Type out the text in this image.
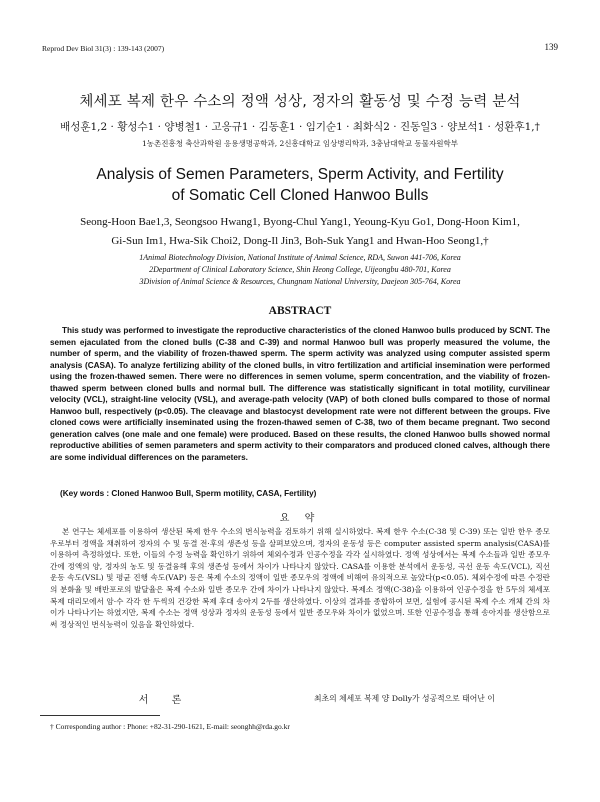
Reprod Dev Biol 31(3) : 139-143 (2007)	139
체세포 복제 한우 수소의 정액 성상, 정자의 활동성 및 수정 능력 분석
배성훈1,2 · 황성수1 · 양병철1 · 고응규1 · 김동훈1 · 임기순1 · 최화식2 · 진동일3 · 양보석1 · 성환후1,†
1농촌진흥청 축산과학원 응용생명공학과, 2신흥대학교 임상병리학과, 3충남대학교 동물자원학부
Analysis of Semen Parameters, Sperm Activity, and Fertility
of Somatic Cell Cloned Hanwoo Bulls
Seong-Hoon Bae1,3, Seongsoo Hwang1, Byong-Chul Yang1, Yeoung-Kyu Go1, Dong-Hoon Kim1,
Gi-Sun Im1, Hwa-Sik Choi2, Dong-Il Jin3, Boh-Suk Yang1 and Hwan-Hoo Seong1,†
1Animal Biotechnology Division, National Institute of Animal Science, RDA, Suwon 441-706, Korea
2Department of Clinical Laboratory Science, Shin Heong College, Uijeongbu 480-701, Korea
3Division of Animal Science & Resources, Chungnam National University, Daejeon 305-764, Korea
ABSTRACT
This study was performed to investigate the reproductive characteristics of the cloned Hanwoo bulls produced by SCNT. The semen ejaculated from the cloned bulls (C-38 and C-39) and normal Hanwoo bull was properly measured the volume, the number of sperm, and the viability of frozen-thawed sperm. The sperm activity was analyzed using computer assisted sperm analysis (CASA). To analyze fertilizing ability of the cloned bulls, in vitro fertilization and artificial insemination were performed using the frozen-thawed semen. There were no differences in semen volume, sperm concentration, and the viability of frozen-thawed sperm between cloned bulls and normal bull. The difference was statistically significant in total motility, curvilinear velocity (VCL), straight-line velocity (VSL), and average-path velocity (VAP) of both cloned bulls compared to those of normal Hanwoo bull, respectively (p<0.05). The cleavage and blastocyst development rate were not different between the groups. Five cloned cows were artificially inseminated using the frozen-thawed semen of C-38, two of them became pregnant. Two second generation calves (one male and one female) were produced. Based on these results, the cloned Hanwoo bulls showed normal reproductive abilities of semen parameters and sperm activity to their comparators and produced cloned calves, although there are some individual differences on the parameters.
(Key words : Cloned Hanwoo Bull, Sperm motility, CASA, Fertility)
요 약
본 연구는 체세포를 이용하여 생산된 복제 한우 수소의 번식능력을 검토하기 위해 실시하였다. 복제 한우 수소(C-38 및 C-39) 또는 일반 한우 종모우로부터 정액을 채취하여 정자의 수 및 동결 전·후의 생존성 등을 살펴보았으며, 정자의 운동성 등은 computer assisted sperm analysis(CASA)를 이용하여 측정하였다. 또한, 이들의 수정 능력을 확인하기 위하여 체외수정과 인공수정을 각각 실시하였다. 정액 성상에서는 복제 수소들과 일반 종모우 간에 정액의 양, 정자의 농도 및 동결융해 후의 생존성 등에서 차이가 나타나지 않았다. CASA를 이용한 분석에서 운동성, 곡선 운동 속도(VCL), 직선 운동 속도(VSL) 및 평균 진행 속도(VAP) 등은 복제 수소의 정액이 일반 종모우의 정액에 비해여 유의적으로 높았다(p<0.05). 체외수정에 따른 수정란의 분화율 및 배반포로의 발달율은 복제 수소와 일반 종모우 간에 차이가 나타나지 않았다. 복제소 정액(C-38)을 이용하여 인공수정을 한 5두의 체세포 복제 대리모에서 암·수 각각 한 두씩의 건강한 복제 후대 송아지 2두를 생산하였다. 이상의 결과를 종합하여 보면, 실험에 공시된 복제 수소 개체 간의 차이가 나타나기는 하였지만, 복제 수소는 정액 성상과 정자의 운동성 등에서 일반 종모우와 차이가 없었으며. 또한 인공수정을 통해 송아지를 생산함으로써 정상적인 번식능력이 있음을 확인하였다.
서 론	최초의 체세포 복제 양 Dolly가 성공적으로 태어난 이
† Corresponding author : Phone: +82-31-290-1621, E-mail: seonghh@rda.go.kr
